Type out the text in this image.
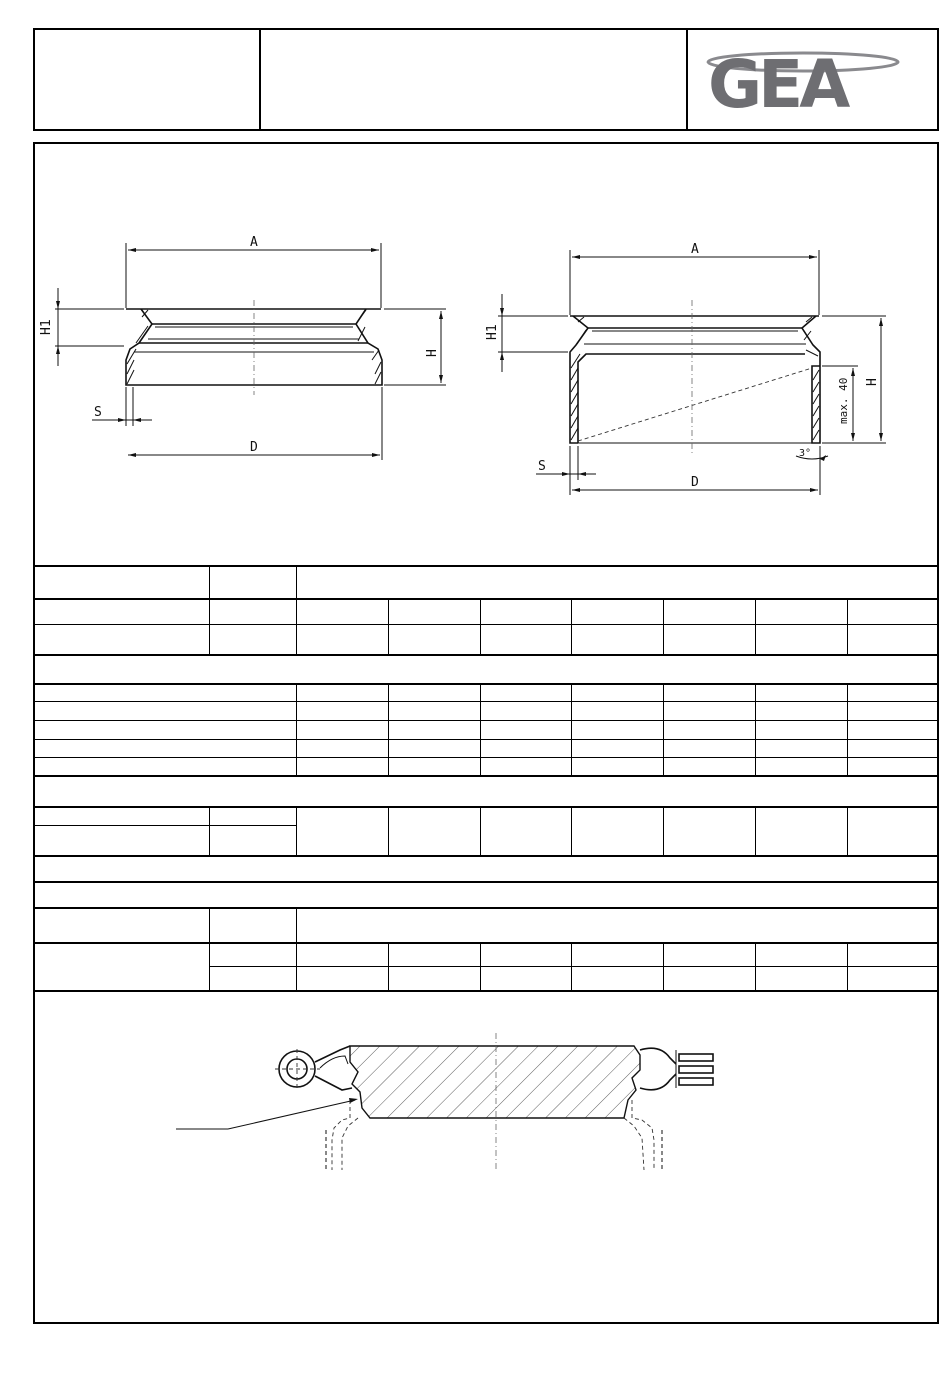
GEA
A
H1
H
S
D
A
H1
H
max. 40
3°
S
D
